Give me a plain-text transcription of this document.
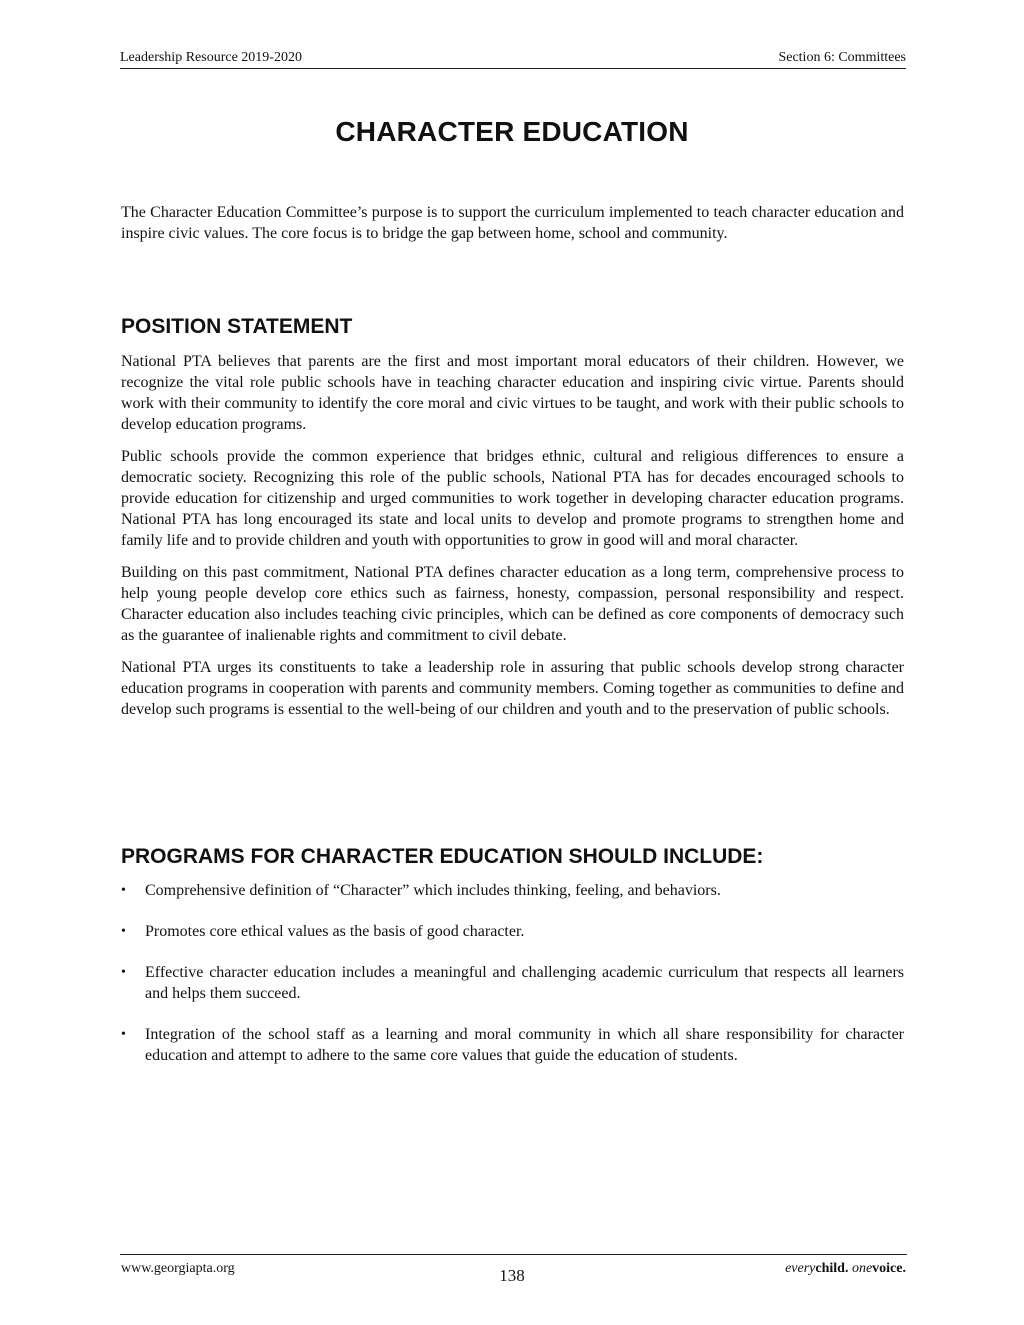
Leadership Resource 2019-2020	Section 6: Committees
CHARACTER EDUCATION

The Character Education Committee’s purpose is to support the curriculum implemented to teach character education and inspire civic values. The core focus is to bridge the gap between home, school and community.

POSITION STATEMENT

National PTA believes that parents are the first and most important moral educators of their children. However, we recognize the vital role public schools have in teaching character education and inspiring civic virtue. Parents should work with their community to identify the core moral and civic virtues to be taught, and work with their public schools to develop education programs.

Public schools provide the common experience that bridges ethnic, cultural and religious differences to ensure a democratic society. Recognizing this role of the public schools, National PTA has for decades encouraged schools to provide education for citizenship and urged communities to work together in developing character education programs. National PTA has long encouraged its state and local units to develop and promote programs to strengthen home and family life and to provide children and youth with opportunities to grow in good will and moral character.

Building on this past commitment, National PTA defines character education as a long term, comprehensive process to help young people develop core ethics such as fairness, honesty, compassion, personal responsibility and respect. Character education also includes teaching civic principles, which can be defined as core components of democracy such as the guarantee of inalienable rights and commitment to civil debate.

National PTA urges its constituents to take a leadership role in assuring that public schools develop strong character education programs in cooperation with parents and community members. Coming together as communities to define and develop such programs is essential to the well-being of our children and youth and to the preservation of public schools.

PROGRAMS FOR CHARACTER EDUCATION SHOULD INCLUDE:
•	Comprehensive definition of “Character” which includes thinking, feeling, and behaviors.
•	Promotes core ethical values as the basis of good character.
•	Effective character education includes a meaningful and challenging academic curriculum that respects all learners and helps them succeed.
•	Integration of the school staff as a learning and moral community in which all share responsibility for character education and attempt to adhere to the same core values that guide the education of students.
www.georgiapta.org	138	everychild. onevoice.
